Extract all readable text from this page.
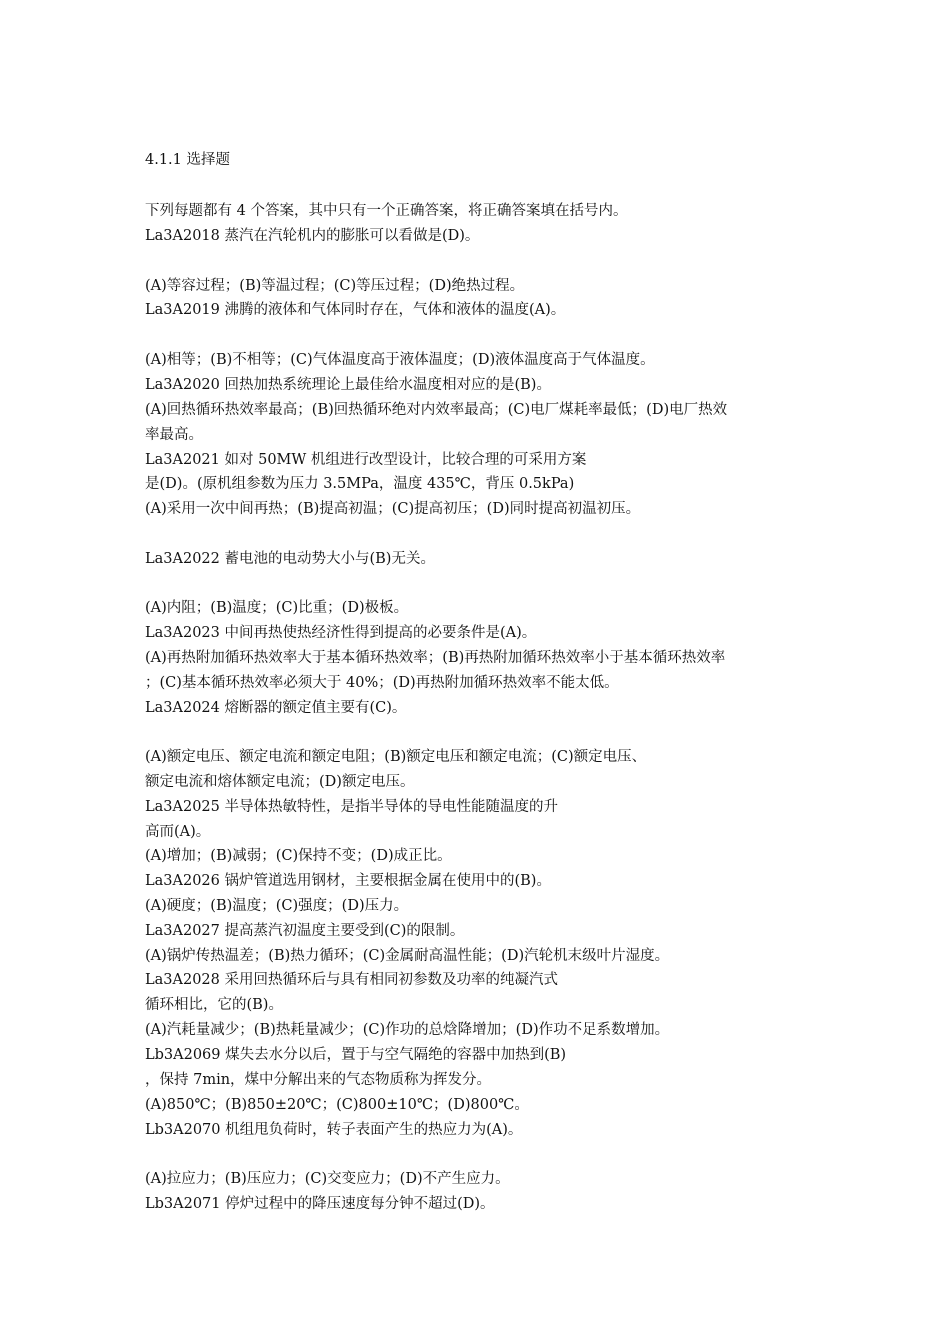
4.1.1 选择题
下列每题都有 4 个答案，其中只有一个正确答案，将正确答案填在括号内。
La3A2018 蒸汽在汽轮机内的膨胀可以看做是(D)。
(A)等容过程；(B)等温过程；(C)等压过程；(D)绝热过程。
La3A2019 沸腾的液体和气体同时存在，气体和液体的温度(A)。
(A)相等；(B)不相等；(C)气体温度高于液体温度；(D)液体温度高于气体温度。
La3A2020 回热加热系统理论上最佳给水温度相对应的是(B)。
(A)回热循环热效率最高；(B)回热循环绝对内效率最高；(C)电厂煤耗率最低；(D)电厂热效
率最高。
La3A2021 如对 50MW 机组进行改型设计，比较合理的可采用方案
是(D)。(原机组参数为压力 3.5MPa，温度 435℃，背压 0.5kPa)
(A)采用一次中间再热；(B)提高初温；(C)提高初压；(D)同时提高初温初压。
La3A2022 蓄电池的电动势大小与(B)无关。
(A)内阻；(B)温度；(C)比重；(D)极板。
La3A2023 中间再热使热经济性得到提高的必要条件是(A)。
(A)再热附加循环热效率大于基本循环热效率；(B)再热附加循环热效率小于基本循环热效率
；(C)基本循环热效率必须大于 40%；(D)再热附加循环热效率不能太低。
La3A2024 熔断器的额定值主要有(C)。
(A)额定电压、额定电流和额定电阻；(B)额定电压和额定电流；(C)额定电压、
额定电流和熔体额定电流；(D)额定电压。
La3A2025 半导体热敏特性，是指半导体的导电性能随温度的升
高而(A)。
(A)增加；(B)减弱；(C)保持不变；(D)成正比。
La3A2026 锅炉管道选用钢材，主要根据金属在使用中的(B)。
(A)硬度；(B)温度；(C)强度；(D)压力。
La3A2027 提高蒸汽初温度主要受到(C)的限制。
(A)锅炉传热温差；(B)热力循环；(C)金属耐高温性能；(D)汽轮机末级叶片湿度。
La3A2028 采用回热循环后与具有相同初参数及功率的纯凝汽式
循环相比，它的(B)。
(A)汽耗量减少；(B)热耗量减少；(C)作功的总焓降增加；(D)作功不足系数增加。
Lb3A2069 煤失去水分以后，置于与空气隔绝的容器中加热到(B)
，保持 7min，煤中分解出来的气态物质称为挥发分。
(A)850℃；(B)850±20℃；(C)800±10℃；(D)800℃。
Lb3A2070 机组甩负荷时，转子表面产生的热应力为(A)。
(A)拉应力；(B)压应力；(C)交变应力；(D)不产生应力。
Lb3A2071 停炉过程中的降压速度每分钟不超过(D)。
